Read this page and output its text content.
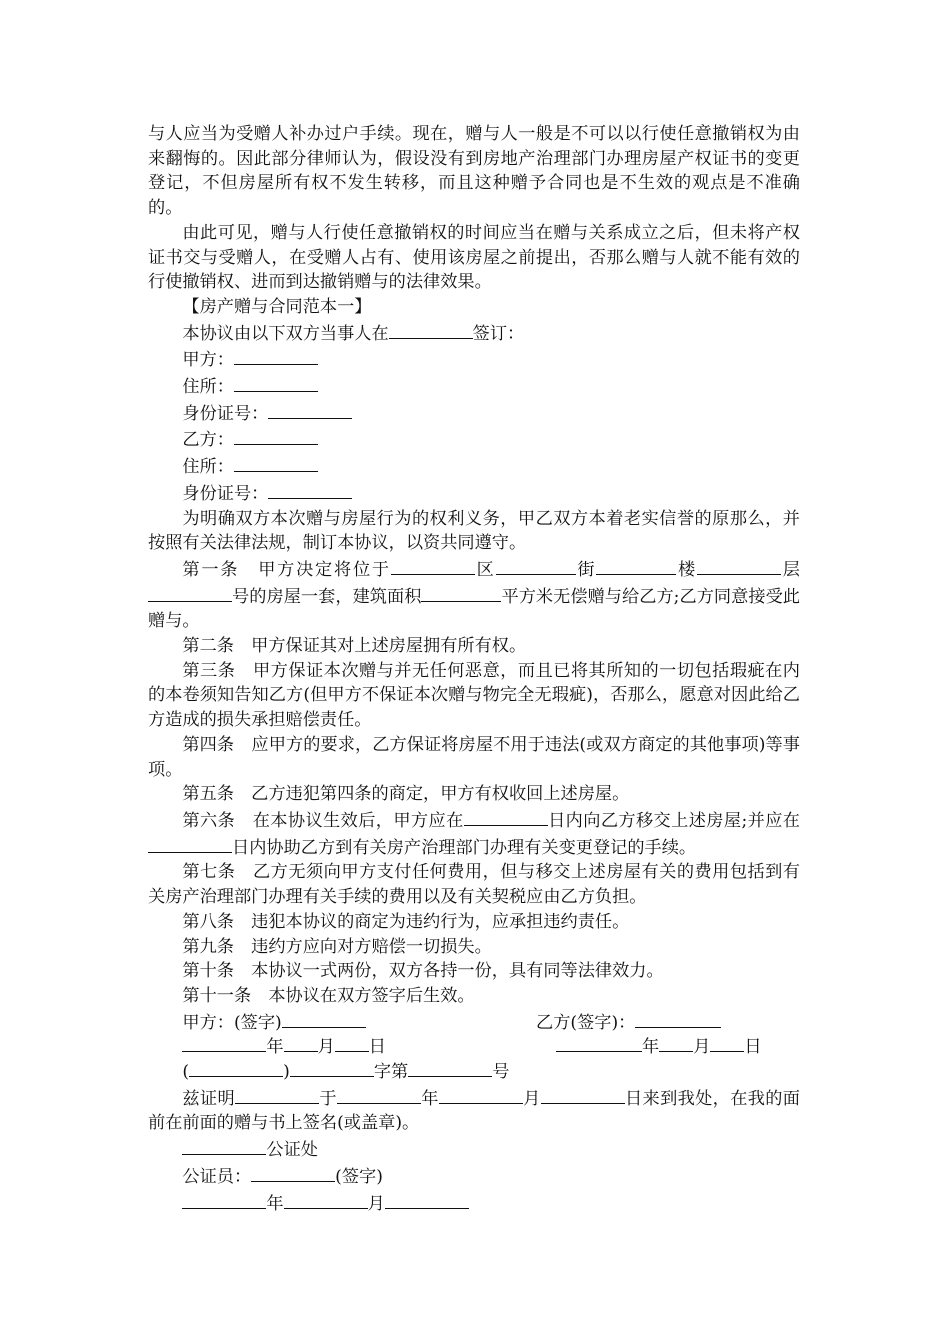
与人应当为受赠人补办过户手续。现在，赠与人一般是不可以以行使任意撤销权为由来翻悔的。因此部分律师认为，假设没有到房地产治理部门办理房屋产权证书的变更登记，不但房屋所有权不发生转移，而且这种赠予合同也是不生效的观点是不准确的。

由此可见，赠与人行使任意撤销权的时间应当在赠与关系成立之后，但未将产权证书交与受赠人，在受赠人占有、使用该房屋之前提出，否那么赠与人就不能有效的行使撤销权、进而到达撤销赠与的法律效果。

【房产赠与合同范本一】

本协议由以下双方当事人在	签订：

甲方：

住所：

身份证号：

乙方：

住所：

身份证号：

为明确双方本次赠与房屋行为的权利义务，甲乙双方本着老实信誉的原那么，并按照有关法律法规，制订本协议，以资共同遵守。

第一条　甲方决定将位于	区	街	楼	层号的房屋一套，建筑面积	平方米无偿赠与给乙方;乙方同意接受此赠与。

第二条　甲方保证其对上述房屋拥有所有权。

第三条　甲方保证本次赠与并无任何恶意，而且已将其所知的一切包括瑕疵在内的本卷须知告知乙方(但甲方不保证本次赠与物完全无瑕疵)，否那么，愿意对因此给乙方造成的损失承担赔偿责任。

第四条　应甲方的要求，乙方保证将房屋不用于违法(或双方商定的其他事项)等事项。

第五条　乙方违犯第四条的商定，甲方有权收回上述房屋。

第六条　在本协议生效后，甲方应在	日内向乙方移交上述房屋;并应在日内协助乙方到有关房产治理部门办理有关变更登记的手续。

第七条　乙方无须向甲方支付任何费用，但与移交上述房屋有关的费用包括到有关房产治理部门办理有关手续的费用以及有关契税应由乙方负担。

第八条　违犯本协议的商定为违约行为，应承担违约责任。

第九条　违约方应向对方赔偿一切损失。

第十条　本协议一式两份，双方各持一份，具有同等法律效力。

第十一条　本协议在双方签字后生效。

甲方：(签字)	乙方(签字)：
年 月 日	年 月 日

(	)	字第	号

兹证明	于	年	月	日来到我处，在我的面前在前面的赠与书上签名(或盖章)。

公证处

公证员：	(签字)

年	月
